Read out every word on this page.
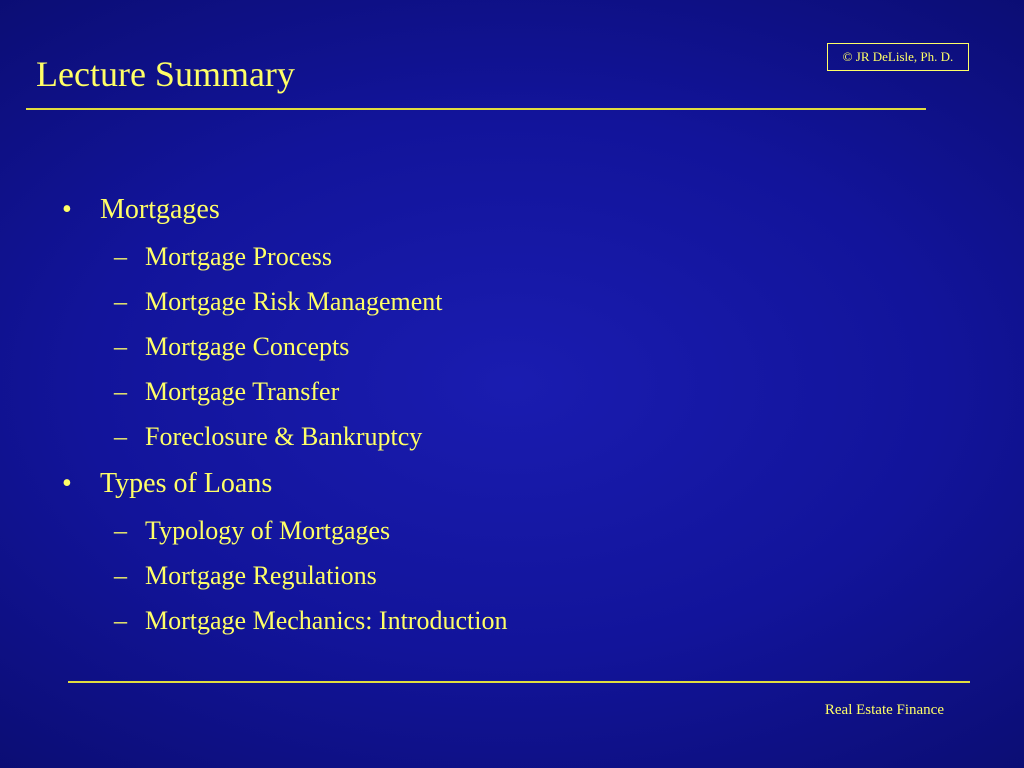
Lecture Summary	© JR DeLisle, Ph. D.
• Mortgages
– Mortgage Process
– Mortgage Risk Management
– Mortgage Concepts
– Mortgage Transfer
– Foreclosure & Bankruptcy
• Types of Loans
– Typology of Mortgages
– Mortgage Regulations
– Mortgage Mechanics: Introduction
Real Estate Finance
